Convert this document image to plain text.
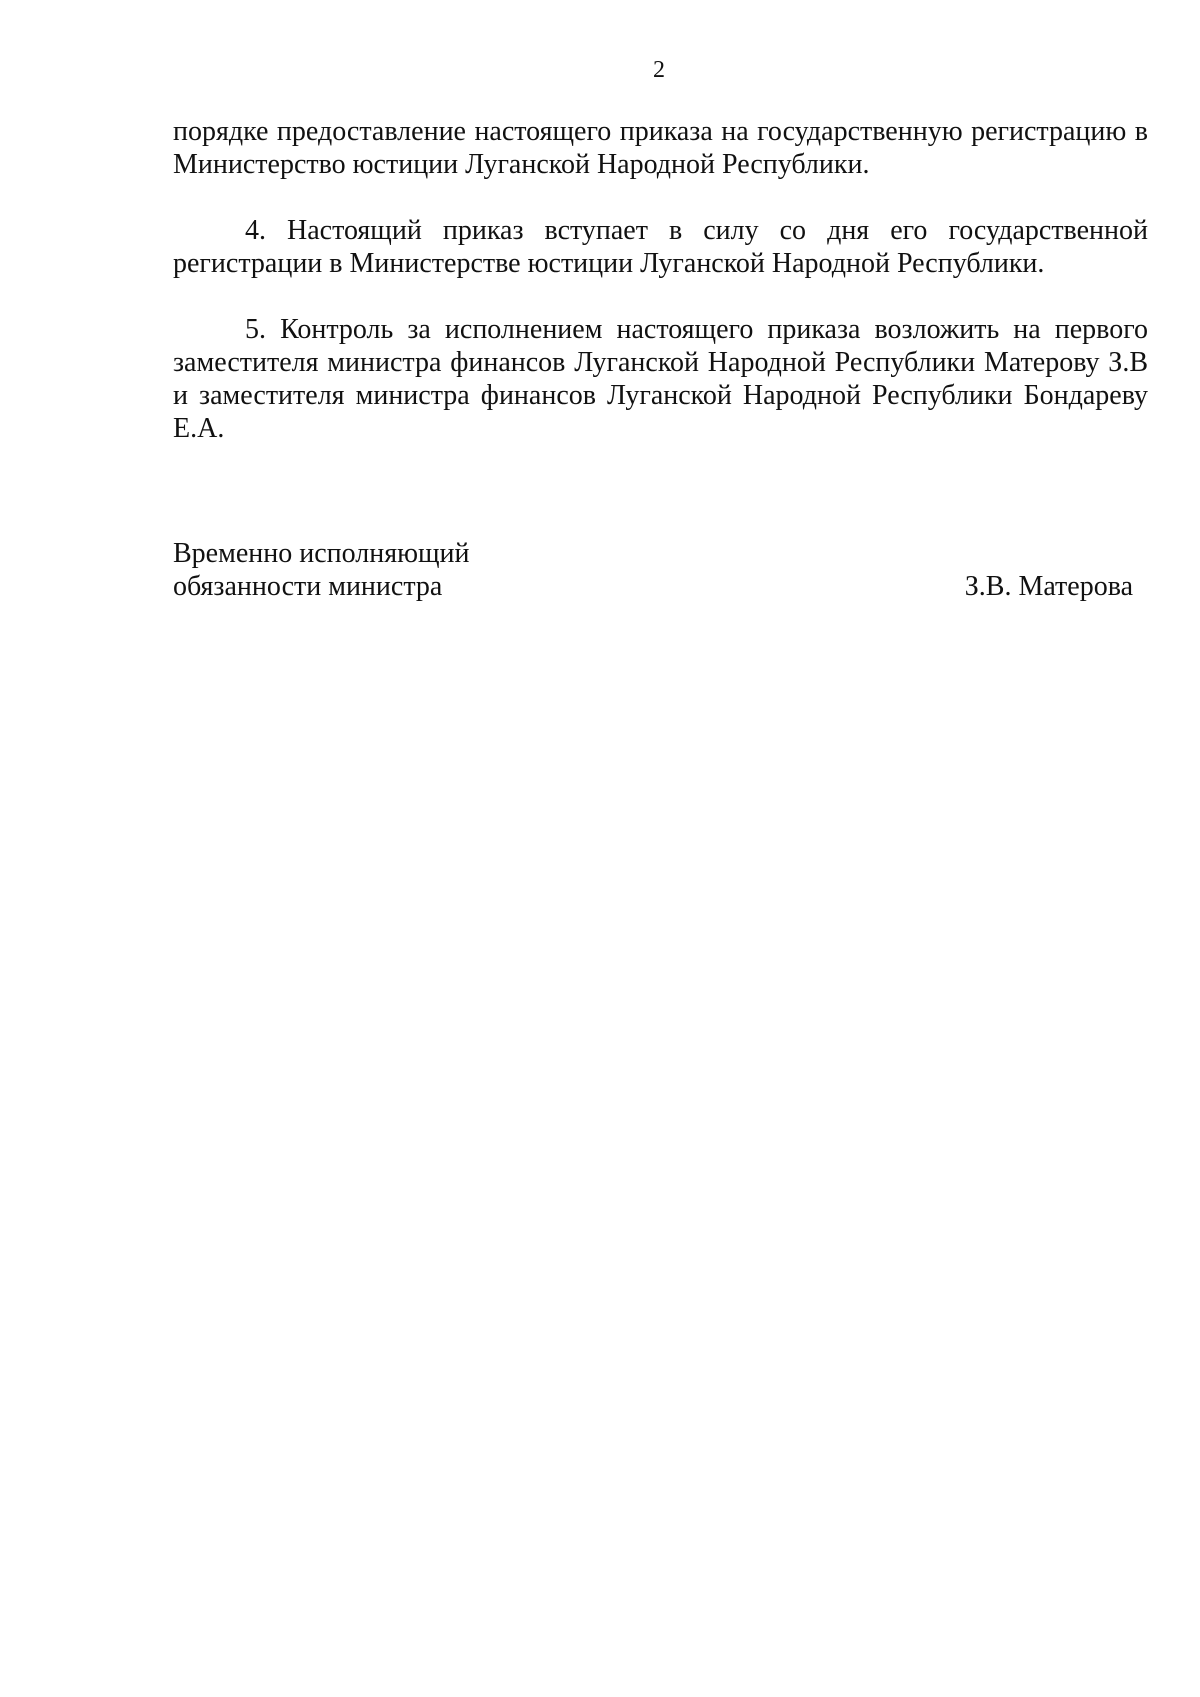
2

порядке предоставление настоящего приказа на государственную регистрацию в Министерство юстиции Луганской Народной Республики.

4. Настоящий приказ вступает в силу со дня его государственной регистрации в Министерстве юстиции Луганской Народной Республики.

5. Контроль за исполнением настоящего приказа возложить на первого заместителя министра финансов Луганской Народной Республики Матерову З.В и заместителя министра финансов Луганской Народной Республики Бондареву Е.А.

Временно исполняющий
обязанности министра	З.В. Матерова
